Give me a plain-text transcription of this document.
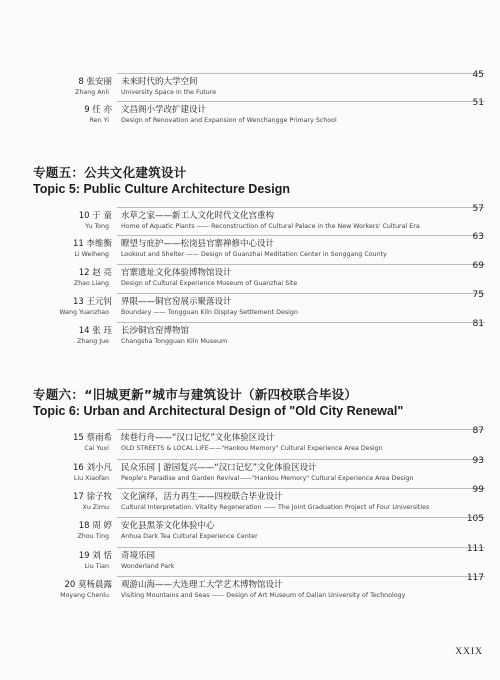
8 张安丽 未来时代的大学空间
45
Zhang Anli University Space in the Future
9 任 亦 文昌阁小学改扩建设计
51
Ren Yi Design of Renovation and Expansion of Wenchangge Primary School
专题五：公共文化建筑设计
Topic 5: Public Culture Architecture Design
10 于 童 水草之家——新工人文化时代文化宫重构
57
Yu Tong Home of Aquatic Plants —— Reconstruction of Cultural Palace in the New Workers' Cultural Era
11 李维衡 瞭望与庇护——松岗县官寨禅修中心设计
63
Li Weiheng Lookout and Shelter —— Design of Guanzhai Meditation Center in Songgang County
12 赵 亮 官寨遗址文化体验博物馆设计
69
Zhao Liang Design of Cultural Experience Museum of Guanzhai Site
13 王元钊 界限——铜官窑展示聚落设计
75
Wang Yuanzhao Boundary —— Tongguan Kiln Display Settlement Design
14 张 珏 长沙铜官窑博物馆
81
Zhang Jue Changsha Tongguan Kiln Museum
专题六：“旧城更新”城市与建筑设计（新四校联合毕设）
Topic 6: Urban and Architectural Design of "Old City Renewal"
15 蔡雨希 续巷行舟——“汉口记忆”文化体验区设计
87
Cai Yuxi OLD STREETS & LOCAL LIFE——"Hankou Memory" Cultural Experience Area Design
16 刘小凡 民众乐园 | 游园复兴——“汉口记忆”文化体验区设计
93
Liu Xiaofan People's Paradise and Garden Revival——"Hankou Memory" Cultural Experience Area Design
17 徐子牧 文化演绎，活力再生——四校联合毕业设计
99
Xu Zimu Cultural Interpretation, Vitality Regeneration —— The Joint Graduation Project of Four Universities
18 周 婷 安化县黑茶文化体验中心
105
Zhou Ting Anhua Dark Tea Cultural Experience Center
19 刘 恬 奇境乐园
111
Liu Tian Wonderland Park
20 莫杨晨露 观游山海——大连理工大学艺术博物馆设计
117
Moyang Chenlu Visiting Mountains and Seas —— Design of Art Museum of Dalian University of Technology
XXIX
